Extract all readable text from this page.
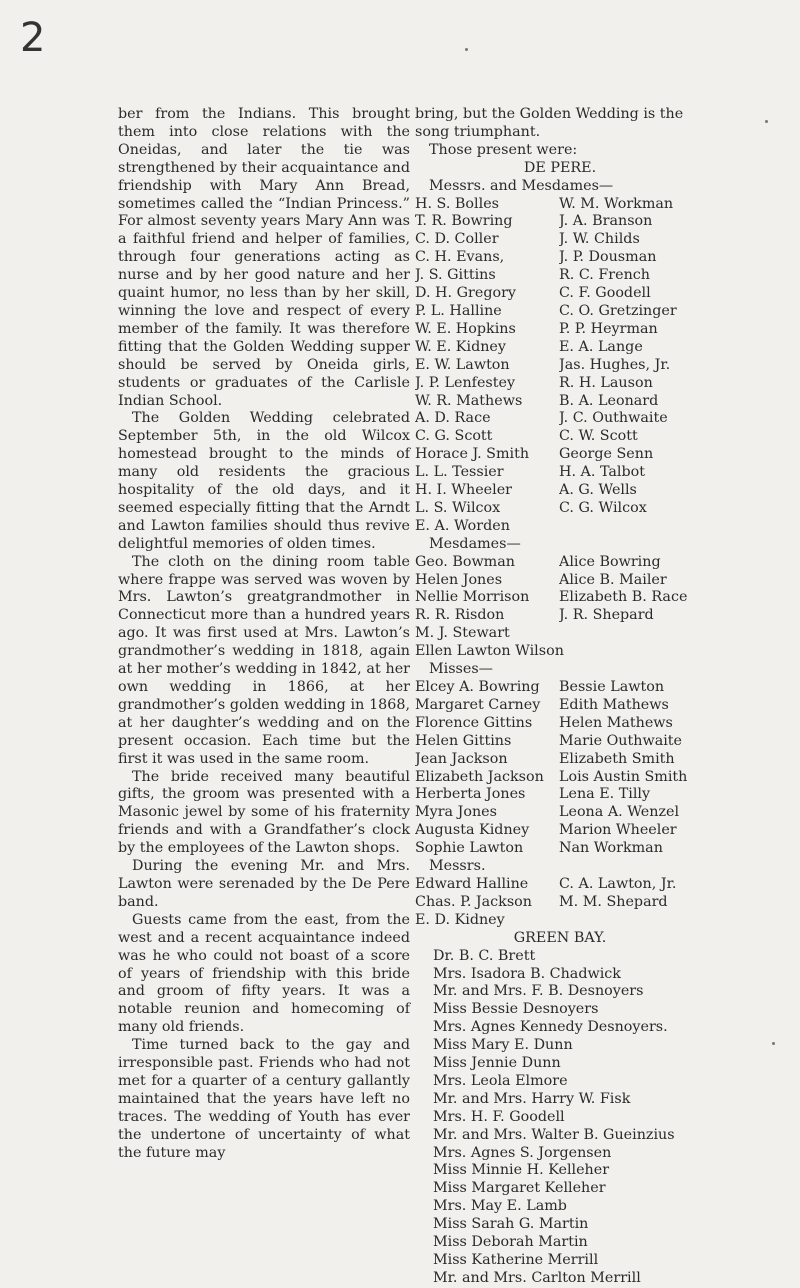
2

ber from the Indians. This brought them into close relations with the Oneidas, and later the tie was strengthened by their acquaintance and friendship with Mary Ann Bread, sometimes called the “Indian Princess.” For almost seventy years Mary Ann was a faithful friend and helper of families, through four generations acting as nurse and by her good nature and her quaint humor, no less than by her skill, winning the love and respect of every member of the family. It was therefore fitting that the Golden Wedding supper should be served by Oneida girls, students or graduates of the Carlisle Indian School.

The Golden Wedding celebrated September 5th, in the old Wilcox homestead brought to the minds of many old residents the gracious hospitality of the old days, and it seemed especially fitting that the Arndt and Lawton families should thus revive delightful memories of olden times.

The cloth on the dining room table where frappe was served was woven by Mrs. Lawton’s greatgrandmother in Connecticut more than a hundred years ago. It was first used at Mrs. Lawton’s grandmother’s wedding in 1818, again at her mother’s wedding in 1842, at her own wedding in 1866, at her grandmother’s golden wedding in 1868, at her daughter’s wedding and on the present occasion. Each time but the first it was used in the same room.

The bride received many beautiful gifts, the groom was presented with a Masonic jewel by some of his fraternity friends and with a Grandfather’s clock by the employees of the Lawton shops.

During the evening Mr. and Mrs. Lawton were serenaded by the De Pere band.

Guests came from the east, from the west and a recent acquaintance indeed was he who could not boast of a score of years of friendship with this bride and groom of fifty years. It was a notable reunion and homecoming of many old friends.

Time turned back to the gay and irresponsible past. Friends who had not met for a quarter of a century gallantly maintained that the years have left no traces. The wedding of Youth has ever the undertone of uncertainty of what the future may

bring, but the Golden Wedding is the song triumphant.

Those present were:

DE PERE.

Messrs. and Mesdames—

H. S. Bolles	W. M. Workman
T. R. Bowring	J. A. Branson
C. D. Coller	J. W. Childs
C. H. Evans,	J. P. Dousman
J. S. Gittins	R. C. French
D. H. Gregory	C. F. Goodell
P. L. Halline	C. O. Gretzinger
W. E. Hopkins	P. P. Heyrman
W. E. Kidney	E. A. Lange
E. W. Lawton	Jas. Hughes, Jr.
J. P. Lenfestey	R. H. Lauson
W. R. Mathews	B. A. Leonard
A. D. Race	J. C. Outhwaite
C. G. Scott	C. W. Scott
Horace J. Smith	George Senn
L. L. Tessier	H. A. Talbot
H. I. Wheeler	A. G. Wells
L. S. Wilcox	C. G. Wilcox
E. A. Worden

Mesdames—

Geo. Bowman	Alice Bowring
Helen Jones	Alice B. Mailer
Nellie Morrison	Elizabeth B. Race
R. R. Risdon	J. R. Shepard
M. J. Stewart
Ellen Lawton Wilson

Misses—

Elcey A. Bowring	Bessie Lawton
Margaret Carney	Edith Mathews
Florence Gittins	Helen Mathews
Helen Gittins	Marie Outhwaite
Jean Jackson	Elizabeth Smith
Elizabeth Jackson	Lois Austin Smith
Herberta Jones	Lena E. Tilly
Myra Jones	Leona A. Wenzel
Augusta Kidney	Marion Wheeler
Sophie Lawton	Nan Workman

Messrs.

Edward Halline	C. A. Lawton, Jr.
Chas. P. Jackson	M. M. Shepard
E. D. Kidney

GREEN BAY.

Dr. B. C. Brett
Mrs. Isadora B. Chadwick
Mr. and Mrs. F. B. Desnoyers
Miss Bessie Desnoyers
Mrs. Agnes Kennedy Desnoyers.
Miss Mary E. Dunn
Miss Jennie Dunn
Mrs. Leola Elmore
Mr. and Mrs. Harry W. Fisk
Mrs. H. F. Goodell
Mr. and Mrs. Walter B. Gueinzius
Mrs. Agnes S. Jorgensen
Miss Minnie H. Kelleher
Miss Margaret Kelleher
Mrs. May E. Lamb
Miss Sarah G. Martin
Miss Deborah Martin
Miss Katherine Merrill
Mr. and Mrs. Carlton Merrill
